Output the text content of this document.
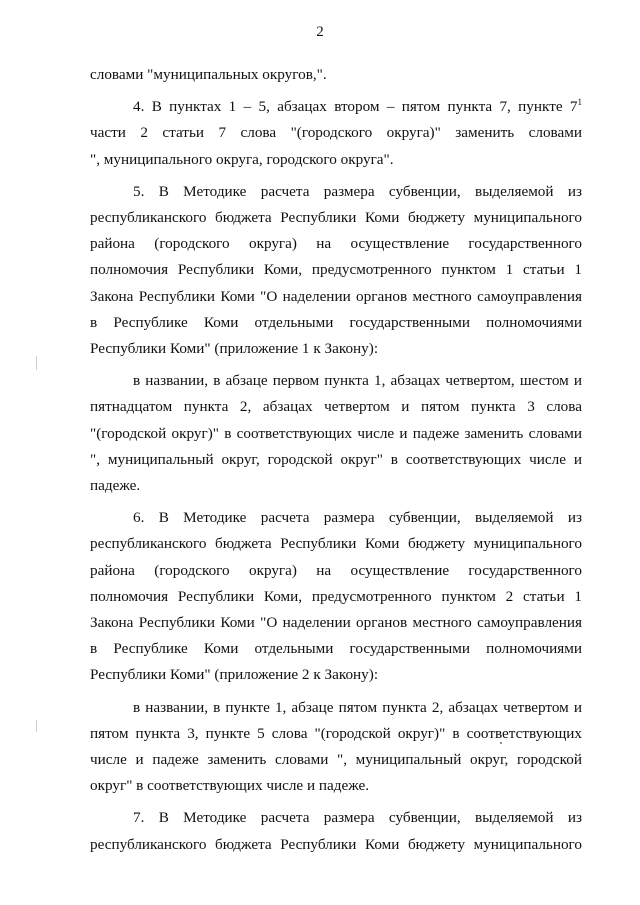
2

словами "муниципальных округов,".

4. В пунктах 1 – 5, абзацах втором – пятом пункта 7, пункте $7^1$
части 2 статьи 7 слова "(городского округа)" заменить словами
", муниципального округа, городского округа".

5. В Методике расчета размера субвенции, выделяемой из
республиканского бюджета Республики Коми бюджету муниципального
района (городского округа) на осуществление государственного
полномочия Республики Коми, предусмотренного пунктом 1 статьи 1
Закона Республики Коми "О наделении органов местного самоуправления
в Республике Коми отдельными государственными полномочиями
Республики Коми" (приложение 1 к Закону):

в названии, в абзаце первом пункта 1, абзацах четвертом, шестом и
пятнадцатом пункта 2, абзацах четвертом и пятом пункта 3 слова
"(городской округ)" в соответствующих числе и падеже заменить словами
", муниципальный округ, городской округ" в соответствующих числе и
падеже.

6. В Методике расчета размера субвенции, выделяемой из
республиканского бюджета Республики Коми бюджету муниципального
района (городского округа) на осуществление государственного
полномочия Республики Коми, предусмотренного пунктом 2 статьи 1
Закона Республики Коми "О наделении органов местного самоуправления
в Республике Коми отдельными государственными полномочиями
Республики Коми" (приложение 2 к Закону):

в названии, в пункте 1, абзаце пятом пункта 2, абзацах четвертом и
пятом пункта 3, пункте 5 слова "(городской округ)" в соответствующих
числе и падеже заменить словами ", муниципальный округ, городской
округ" в соответствующих числе и падеже.

7. В Методике расчета размера субвенции, выделяемой из
республиканского бюджета Республики Коми бюджету муниципального
